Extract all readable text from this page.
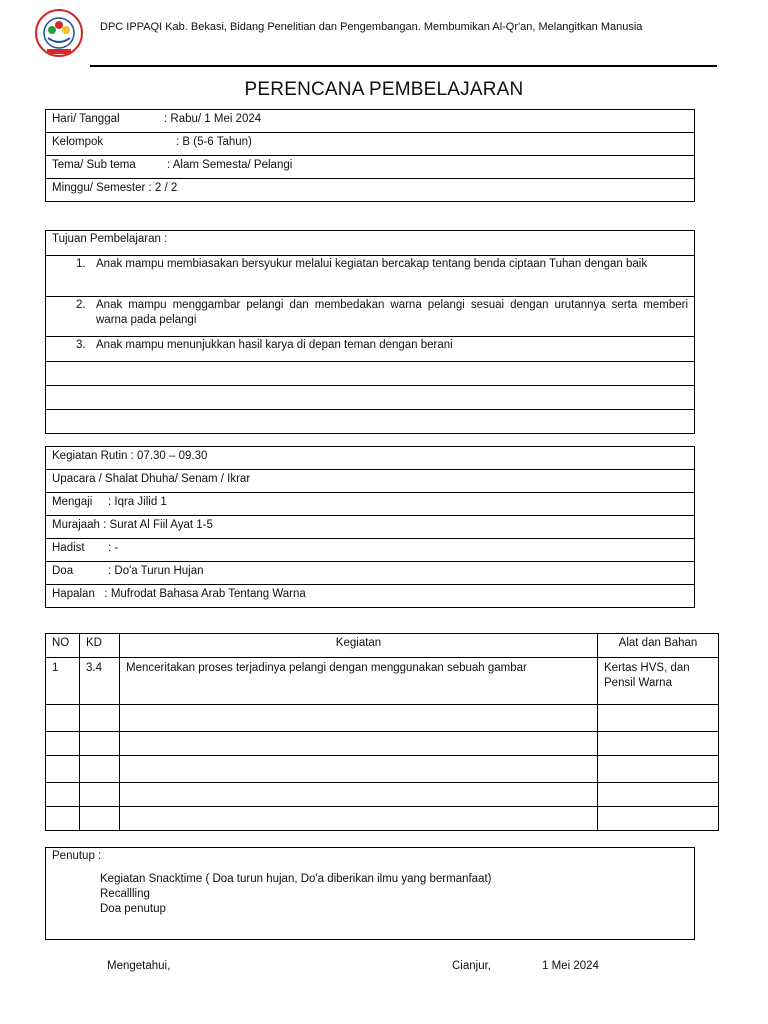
DPC IPPAQI Kab. Bekasi, Bidang Penelitian dan Pengembangan. Membumikan Al-Qr'an, Melangitkan Manusia
PERENCANA PEMBELAJARAN
Hari/ Tanggal	: Rabu/ 1 Mei 2024
Kelompok	: B (5-6 Tahun)
Tema/ Sub tema	: Alam Semesta/ Pelangi
Minggu/ Semester : 2 / 2
Tujuan Pembelajaran :

1. Anak mampu membiasakan bersyukur melalui kegiatan bercakap tentang benda ciptaan Tuhan dengan baik

2. Anak mampu menggambar pelangi dan membedakan warna pelangi sesuai dengan urutannya serta memberi warna pada pelangi

3. Anak mampu menunjukkan hasil karya di depan teman dengan berani

Kegiatan Rutin : 07.30 – 09.30
Upacara / Shalat Dhuha/ Senam / Ikrar
Mengaji : Iqra Jilid 1
Murajaah : Surat Al Fiil Ayat 1-5
Hadist : -
Doa	: Do'a Turun Hujan
Hapalan   : Mufrodat Bahasa Arab Tentang Warna
NO	KD	Kegiatan	Alat dan Bahan
1	3.4	Menceritakan proses terjadinya pelangi dengan menggunakan sebuah gambar	Kertas HVS, dan Pensil Warna

Penutup :
Kegiatan Snacktime ( Doa turun hujan, Do'a diberikan ilmu yang bermanfaat)
Recallling
Doa penutup
Mengetahui,	Cianjur,	1 Mei 2024
